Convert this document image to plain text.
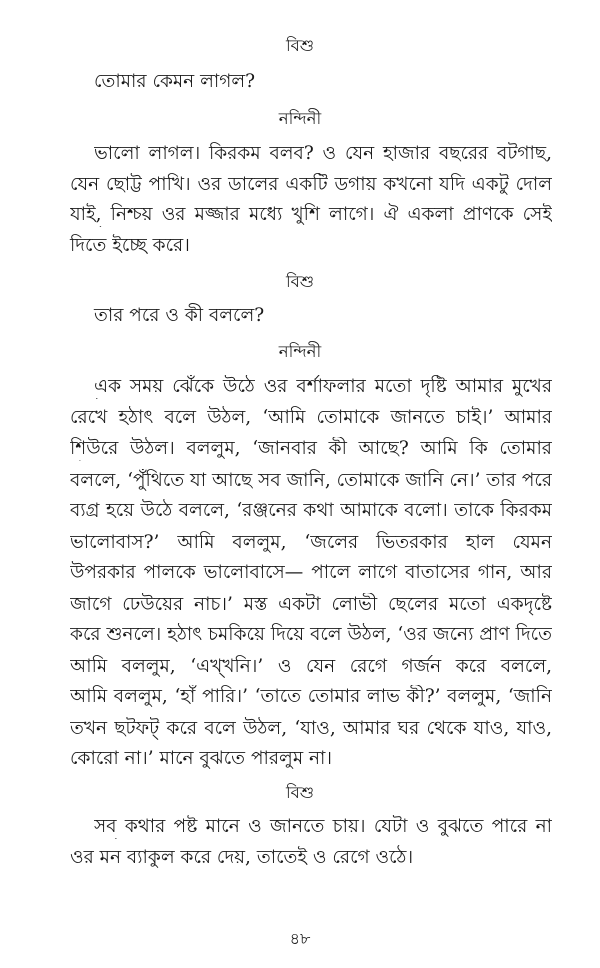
বিশু
তোমার কেমন লাগল?
নন্দিনী
ভালো লাগল। কিরকম বলব? ও যেন হাজার বছরের বটগাছ,
যেন ছোট্ট পাখি। ওর ডালের একটি ডগায় কখনো যদি একটু দোল
যাই, নিশ্চয় ওর মজ্জার মধ্যে খুশি লাগে। ঐ একলা প্রাণকে সেই
দিতে ইচ্ছে করে।
বিশু
তার পরে ও কী বললে?
নন্দিনী
এক সময় ঝেঁকে উঠে ওর বর্শাফলার মতো দৃষ্টি আমার মুখের
রেখে হঠাৎ বলে উঠল, ‘আমি তোমাকে জানতে চাই।’ আমার
শিউরে উঠল। বললুম, ‘জানবার কী আছে? আমি কি তোমার
বললে, ‘পুঁথিতে যা আছে সব জানি, তোমাকে জানি নে।’ তার পরে
ব্যগ্র হয়ে উঠে বললে, ‘রঞ্জনের কথা আমাকে বলো। তাকে কিরকম
ভালোবাস?’ আমি বললুম, ‘জলের ভিতরকার হাল যেমন
উপরকার পালকে ভালোবাসে— পালে লাগে বাতাসের গান, আর
জাগে ঢেউয়ের নাচ।’ মস্ত একটা লোভী ছেলের মতো একদৃষ্টে
করে শুনলে। হঠাৎ চমকিয়ে দিয়ে বলে উঠল, ‘ওর জন্যে প্রাণ দিতে
আমি বললুম, ‘এখ্খনি।’ ও যেন রেগে গর্জন করে বললে,
আমি বললুম, ‘হাঁ পারি।’ ‘তাতে তোমার লাভ কী?’ বললুম, ‘জানি
তখন ছটফট্ করে বলে উঠল, ‘যাও, আমার ঘর থেকে যাও, যাও,
কোরো না।’ মানে বুঝতে পারলুম না।
বিশু
সব কথার পষ্ট মানে ও জানতে চায়। যেটা ও বুঝতে পারে না
ওর মন ব্যাকুল করে দেয়, তাতেই ও রেগে ওঠে।
৪৮
